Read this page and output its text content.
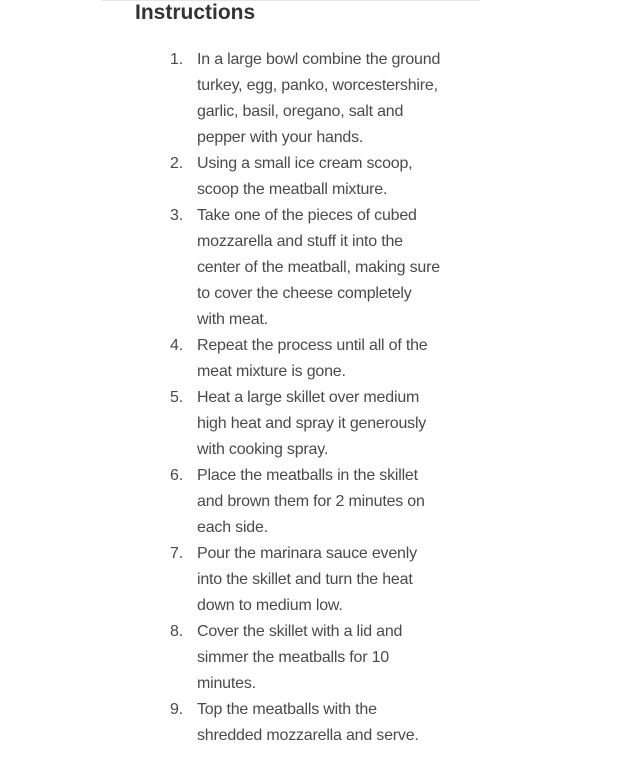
Instructions
1. In a large bowl combine the ground turkey, egg, panko, worcestershire, garlic, basil, oregano, salt and pepper with your hands.
2. Using a small ice cream scoop, scoop the meatball mixture.
3. Take one of the pieces of cubed mozzarella and stuff it into the center of the meatball, making sure to cover the cheese completely with meat.
4. Repeat the process until all of the meat mixture is gone.
5. Heat a large skillet over medium high heat and spray it generously with cooking spray.
6. Place the meatballs in the skillet and brown them for 2 minutes on each side.
7. Pour the marinara sauce evenly into the skillet and turn the heat down to medium low.
8. Cover the skillet with a lid and simmer the meatballs for 10 minutes.
9. Top the meatballs with the shredded mozzarella and serve.
